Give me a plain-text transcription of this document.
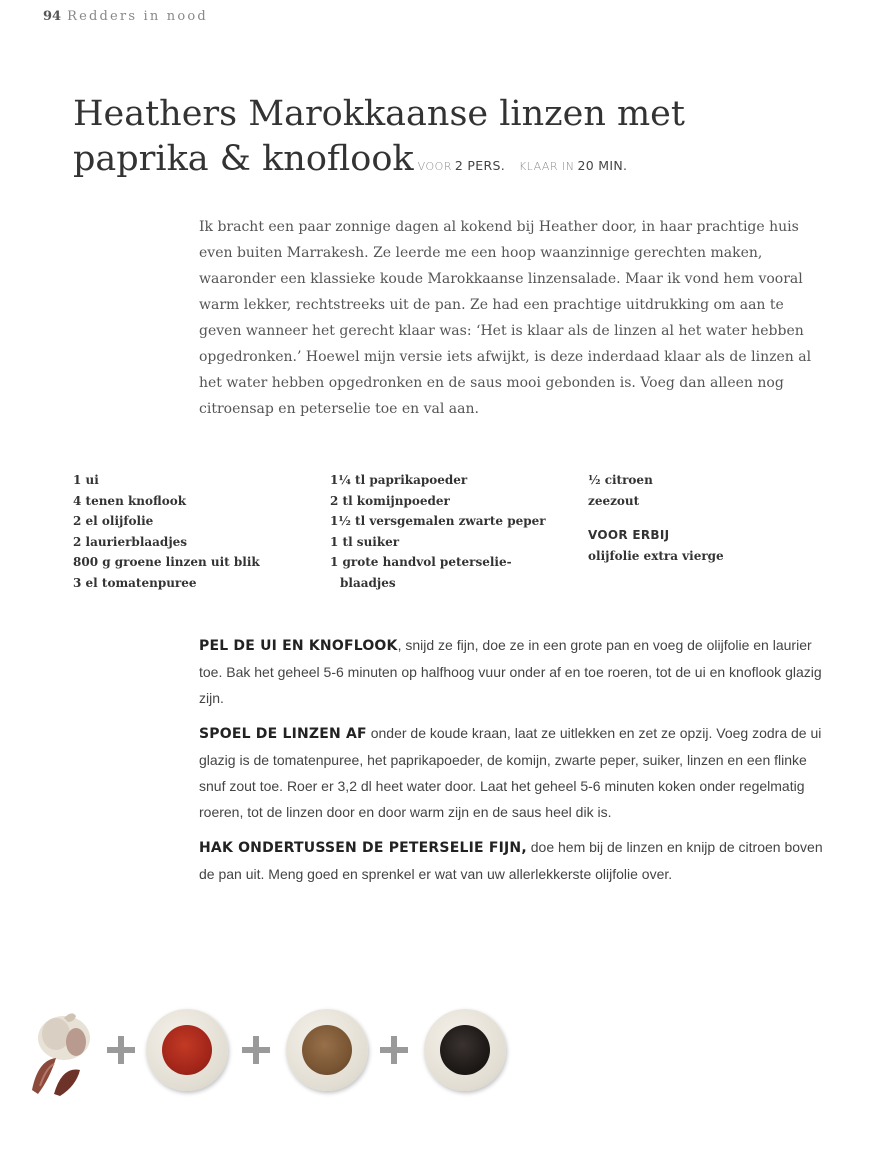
94 Redders in nood
Heathers Marokkaanse linzen met
paprika & knoflook VOOR 2 PERS. KLAAR IN 20 MIN.

Ik bracht een paar zonnige dagen al kokend bij Heather door, in haar prachtige huis even buiten Marrakesh. Ze leerde me een hoop waanzinnige gerechten maken, waaronder een klassieke koude Marokkaanse linzensalade. Maar ik vond hem vooral warm lekker, rechtstreeks uit de pan. Ze had een prachtige uitdrukking om aan te geven wanneer het gerecht klaar was: ‘Het is klaar als de linzen al het water hebben opgedronken.’ Hoewel mijn versie iets afwijkt, is deze inderdaad klaar als de linzen al het water hebben opgedronken en de saus mooi gebonden is. Voeg dan alleen nog citroensap en peterselie toe en val aan.

1 ui
4 tenen knoflook
2 el olijfolie
2 laurierblaadjes
800 g groene linzen uit blik
3 el tomatenpuree
1¼ tl paprikapoeder
2 tl komijnpoeder
1½ tl versgemalen zwarte peper
1 tl suiker
1 grote handvol peterselie-
blaadjes
½ citroen
zeezout
VOOR ERBIJ
olijfolie extra vierge

PEL DE UI EN KNOFLOOK, snijd ze fijn, doe ze in een grote pan en voeg de olijfolie en laurier toe. Bak het geheel 5-6 minuten op halfhoog vuur onder af en toe roeren, tot de ui en knoflook glazig zijn.

SPOEL DE LINZEN AF onder de koude kraan, laat ze uitlekken en zet ze opzij. Voeg zodra de ui glazig is de tomatenpuree, het paprikapoeder, de komijn, zwarte peper, suiker, linzen en een flinke snuf zout toe. Roer er 3,2 dl heet water door. Laat het geheel 5-6 minuten koken onder regelmatig roeren, tot de linzen door en door warm zijn en de saus heel dik is.

HAK ONDERTUSSEN DE PETERSELIE FIJN, doe hem bij de linzen en knijp de citroen boven de pan uit. Meng goed en sprenkel er wat van uw allerlekkerste olijfolie over.
